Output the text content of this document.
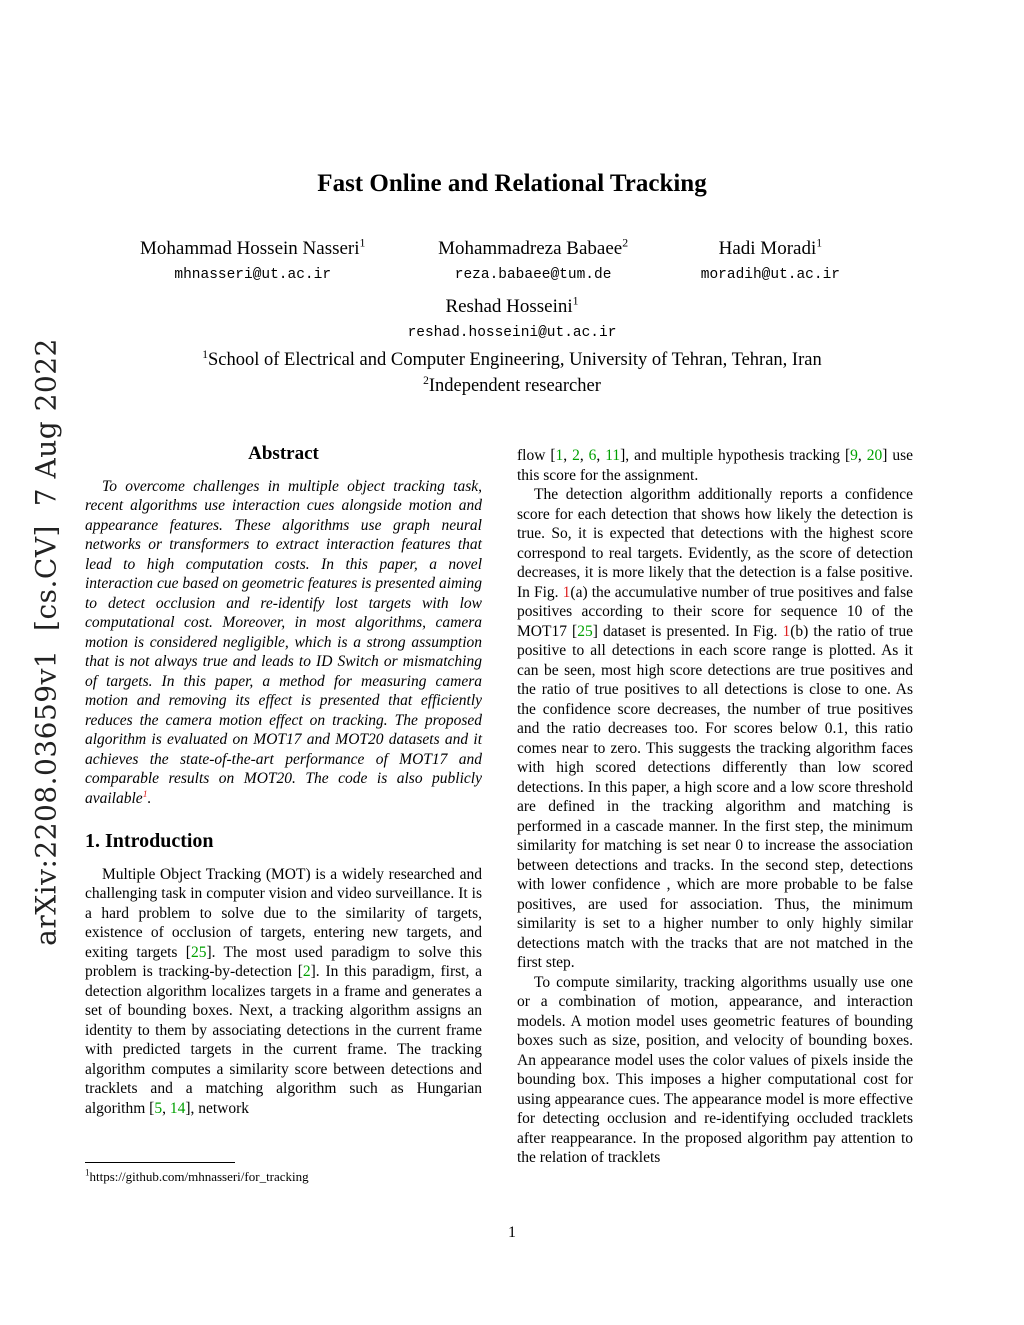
arXiv:2208.03659v1  [cs.CV]  7 Aug 2022
Fast Online and Relational Tracking
Mohammad Hossein Nasseri$^1$
mhnasseri@ut.ac.ir
Mohammadreza Babaee$^2$
reza.babaee@tum.de
Hadi Moradi$^1$
moradih@ut.ac.ir
Reshad Hosseini$^1$
reshad.hosseini@ut.ac.ir
$^1$School of Electrical and Computer Engineering, University of Tehran, Tehran, Iran
$^2$Independent researcher
Abstract

To overcome challenges in multiple object tracking task, recent algorithms use interaction cues alongside motion and appearance features. These algorithms use graph neural networks or transformers to extract interaction features that lead to high computation costs. In this paper, a novel interaction cue based on geometric features is presented aiming to detect occlusion and re-identify lost targets with low computational cost. Moreover, in most algorithms, camera motion is considered negligible, which is a strong assumption that is not always true and leads to ID Switch or mismatching of targets. In this paper, a method for measuring camera motion and removing its effect is presented that efficiently reduces the camera motion effect on tracking. The proposed algorithm is evaluated on MOT17 and MOT20 datasets and it achieves the state-of-the-art performance of MOT17 and comparable results on MOT20. The code is also publicly available$^1$.

1. Introduction

Multiple Object Tracking (MOT) is a widely researched and challenging task in computer vision and video surveillance. It is a hard problem to solve due to the similarity of targets, existence of occlusion of targets, entering new targets, and exiting targets [25]. The most used paradigm to solve this problem is tracking-by-detection [2]. In this paradigm, first, a detection algorithm localizes targets in a frame and generates a set of bounding boxes. Next, a tracking algorithm assigns an identity to them by associating detections in the current frame with predicted targets in the current frame. The tracking algorithm computes a similarity score between detections and tracklets and a matching algorithm such as Hungarian algorithm [5, 14], network

flow [1, 2, 6, 11], and multiple hypothesis tracking [9, 20] use this score for the assignment.

The detection algorithm additionally reports a confidence score for each detection that shows how likely the detection is true. So, it is expected that detections with the highest score correspond to real targets. Evidently, as the score of detection decreases, it is more likely that the detection is a false positive. In Fig. 1(a) the accumulative number of true positives and false positives according to their score for sequence 10 of the MOT17 [25] dataset is presented. In Fig. 1(b) the ratio of true positive to all detections in each score range is plotted. As it can be seen, most high score detections are true positives and the ratio of true positives to all detections is close to one. As the confidence score decreases, the number of true positives and the ratio decreases too. For scores below 0.1, this ratio comes near to zero. This suggests the tracking algorithm faces with high scored detections differently than low scored detections. In this paper, a high score and a low score threshold are defined in the tracking algorithm and matching is performed in a cascade manner. In the first step, the minimum similarity for matching is set near 0 to increase the association between detections and tracks. In the second step, detections with lower confidence , which are more probable to be false positives, are used for association. Thus, the minimum similarity is set to a higher number to only highly similar detections match with the tracks that are not matched in the first step.

To compute similarity, tracking algorithms usually use one or a combination of motion, appearance, and interaction models. A motion model uses geometric features of bounding boxes such as size, position, and velocity of bounding boxes. An appearance model uses the color values of pixels inside the bounding box. This imposes a higher computational cost for using appearance cues. The appearance model is more effective for detecting occlusion and re-identifying occluded tracklets after reappearance. In the proposed algorithm pay attention to the relation of tracklets

$^1$https://github.com/mhnasseri/for_tracking
1
